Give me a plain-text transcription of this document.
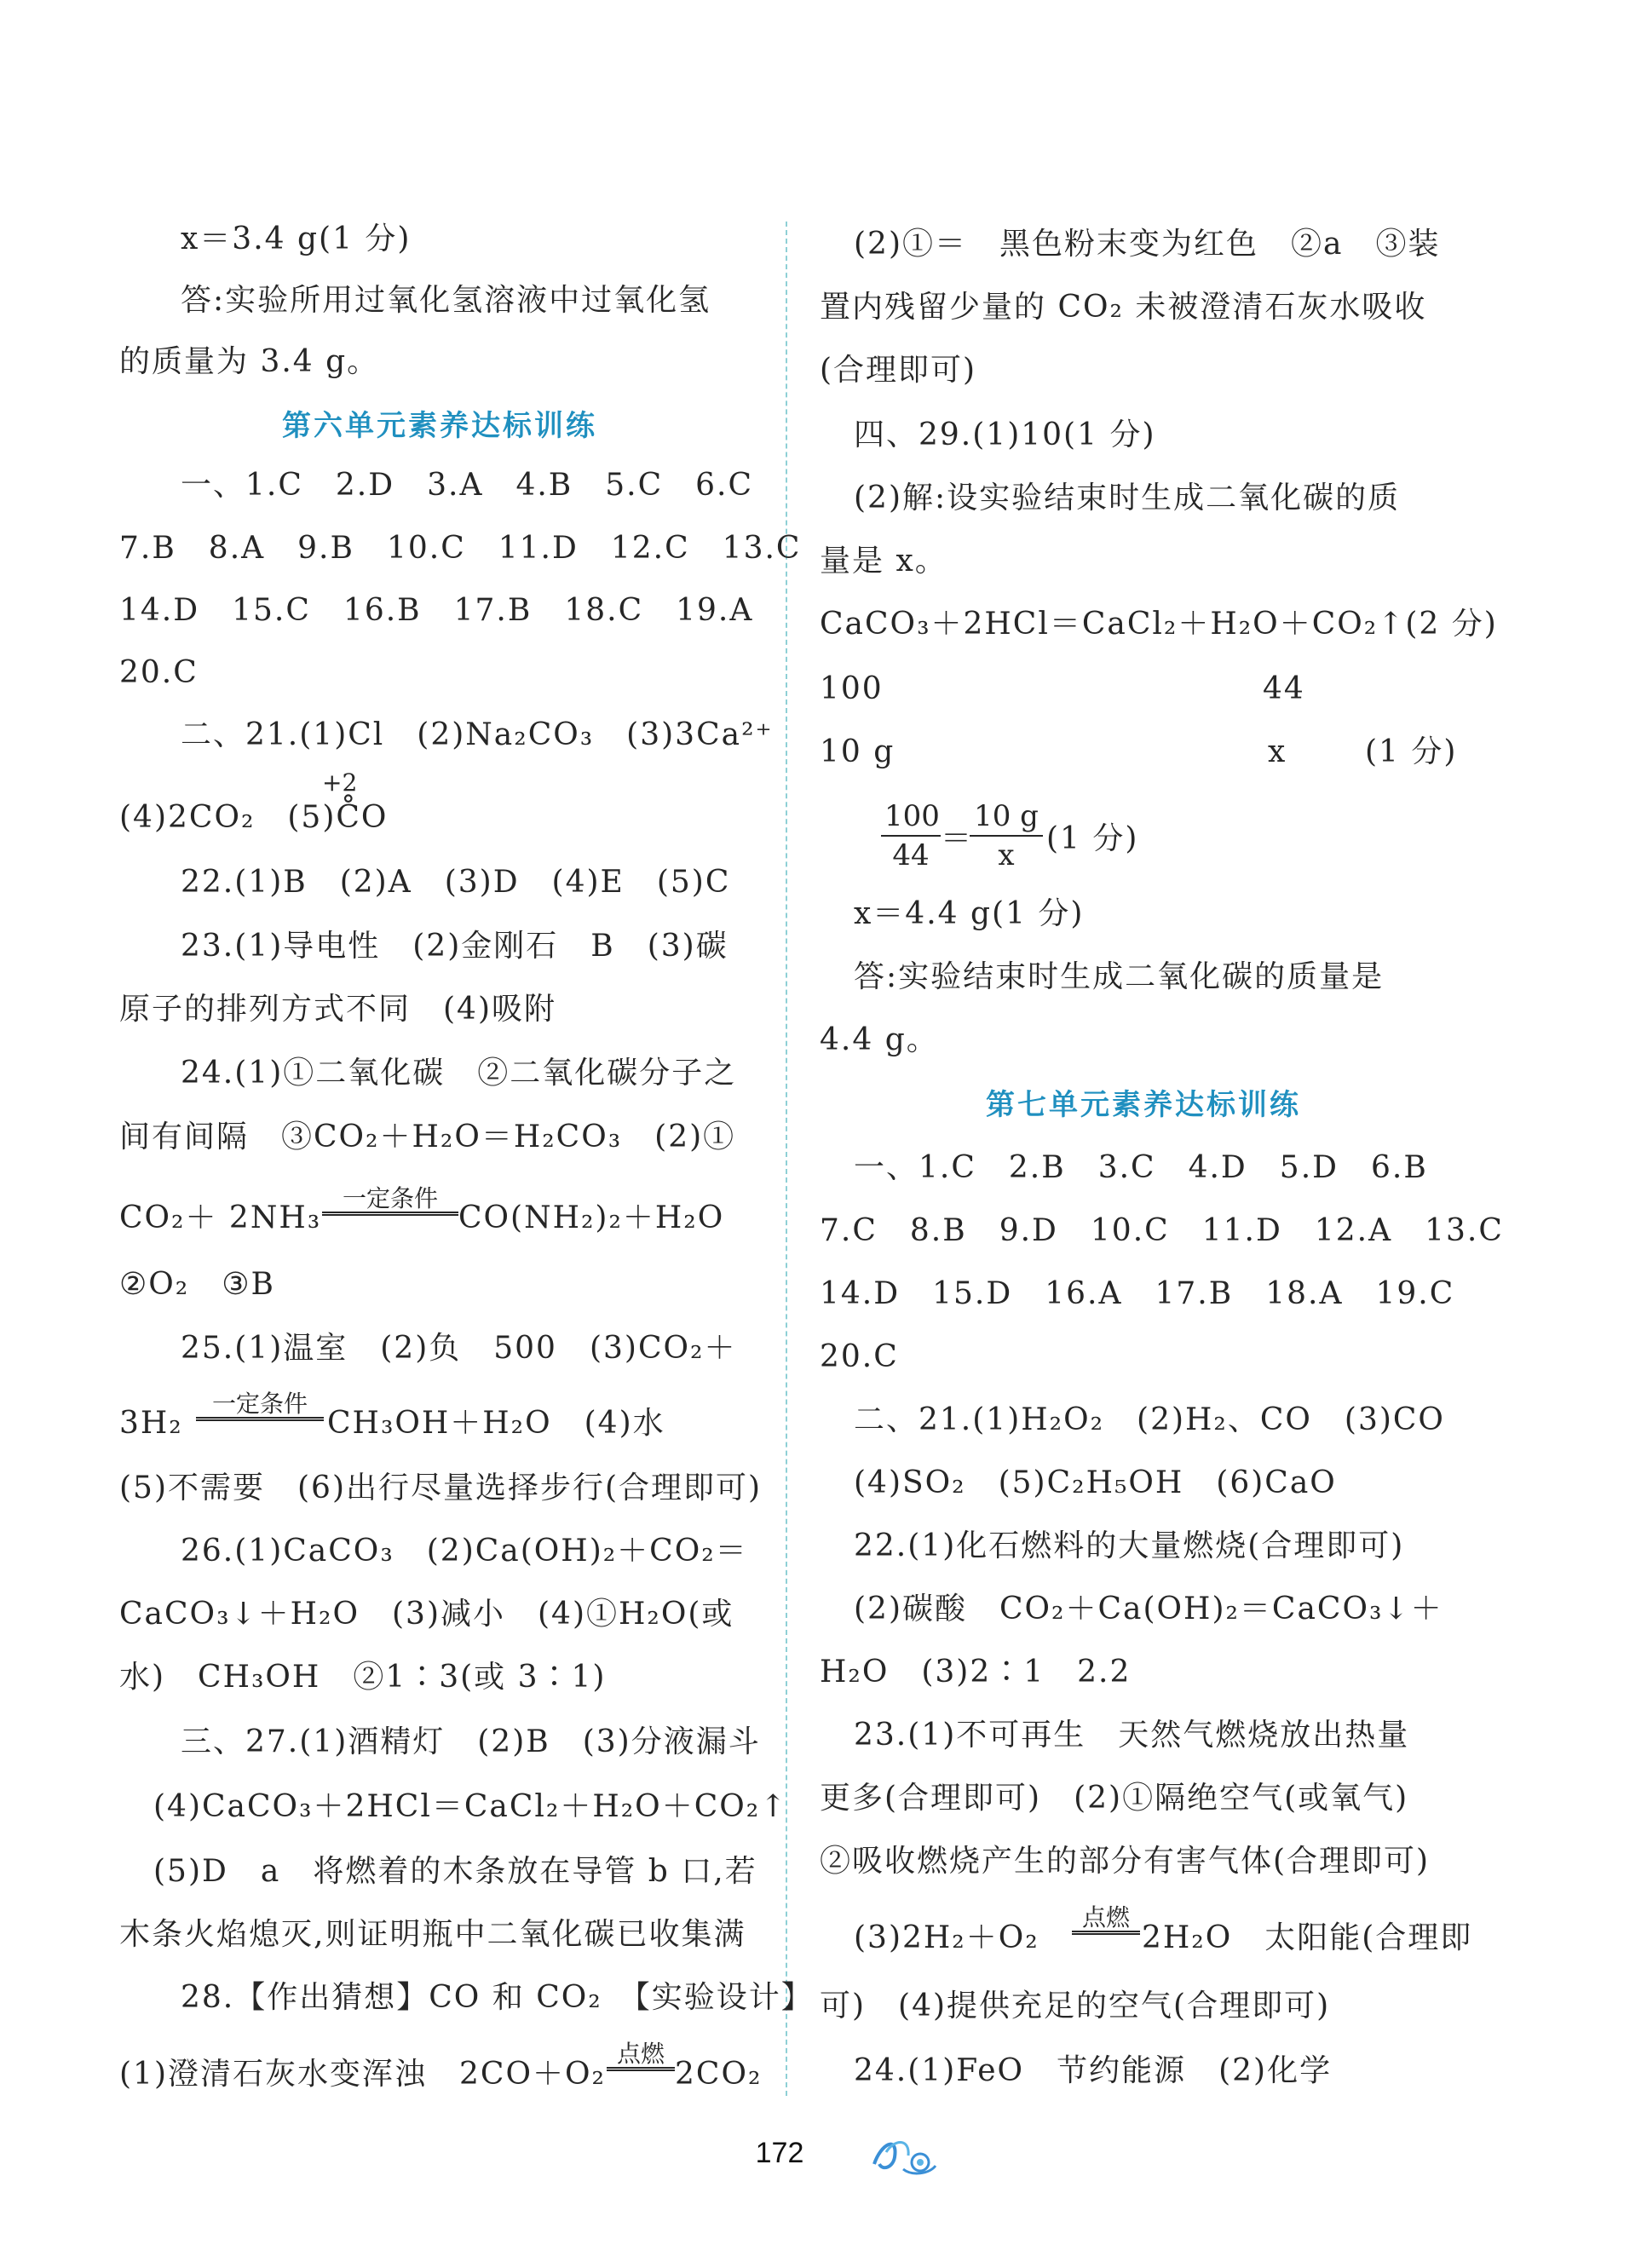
x＝3.4 g(1 分)
答:实验所用过氧化氢溶液中过氧化氢
的质量为 3.4 g。
第六单元素养达标训练
一、1.C　2.D　3.A　4.B　5.C　6.C
7.B　8.A　9.B　10.C　11.D　12.C　13.C
14.D　15.C　16.B　17.B　18.C　19.A
20.C
二、21.(1)Cl　(2)Na₂CO₃　(3)3Ca²⁺
+2
(4)2CO₂　(5)C̊O
22.(1)B　(2)A　(3)D　(4)E　(5)C
23.(1)导电性　(2)金刚石　B　(3)碳
原子的排列方式不同　(4)吸附
24.(1)①二氧化碳　②二氧化碳分子之
间有间隔　③CO₂＋H₂O＝H₂CO₃　(2)①
CO₂＋ 2NH₃
一定条件
CO(NH₂)₂＋H₂O
②O₂　③B
25.(1)温室　(2)负　500　(3)CO₂＋
3H₂
一定条件
CH₃OH＋H₂O　(4)水
(5)不需要　(6)出行尽量选择步行(合理即可)
26.(1)CaCO₃　(2)Ca(OH)₂＋CO₂＝
CaCO₃↓＋H₂O　(3)减小　(4)①H₂O(或
水)　CH₃OH　②1∶3(或 3∶1)
三、27.(1)酒精灯　(2)B　(3)分液漏斗
(4)CaCO₃＋2HCl＝CaCl₂＋H₂O＋CO₂↑
(5)D　a　将燃着的木条放在导管 b 口,若
木条火焰熄灭,则证明瓶中二氧化碳已收集满
28.【作出猜想】CO 和 CO₂　【实验设计】
(1)澄清石灰水变浑浊　2CO＋O₂
点燃
2CO₂
(2)①＝　黑色粉末变为红色　②a　③装
置内残留少量的 CO₂ 未被澄清石灰水吸收
(合理即可)
四、29.(1)10(1 分)
(2)解:设实验结束时生成二氧化碳的质
量是 x。
CaCO₃＋2HCl＝CaCl₂＋H₂O＋CO₂↑(2 分)
100	44
10 g	x	(1 分)
$\frac{100}{44}$ ＝
$\frac{10 g}{x} (1$ 分)
x＝4.4 g(1 分)
答:实验结束时生成二氧化碳的质量是
4.4 g。
第七单元素养达标训练
一、1.C　2.B　3.C　4.D　5.D　6.B
7.C　8.B　9.D　10.C　11.D　12.A　13.C
14.D　15.D　16.A　17.B　18.A　19.C
20.C
二、21.(1)H₂O₂　(2)H₂、CO　(3)CO
(4)SO₂　(5)C₂H₅OH　(6)CaO
22.(1)化石燃料的大量燃烧(合理即可)
(2)碳酸　CO₂＋Ca(OH)₂＝CaCO₃↓＋
H₂O　(3)2∶1　2.2
23.(1)不可再生　天然气燃烧放出热量
更多(合理即可)　(2)①隔绝空气(或氧气)
②吸收燃烧产生的部分有害气体(合理即可)
(3)2H₂＋O₂
点燃
2H₂O　太阳能(合理即
可)　(4)提供充足的空气(合理即可)
24.(1)FeO　节约能源　(2)化学
172
